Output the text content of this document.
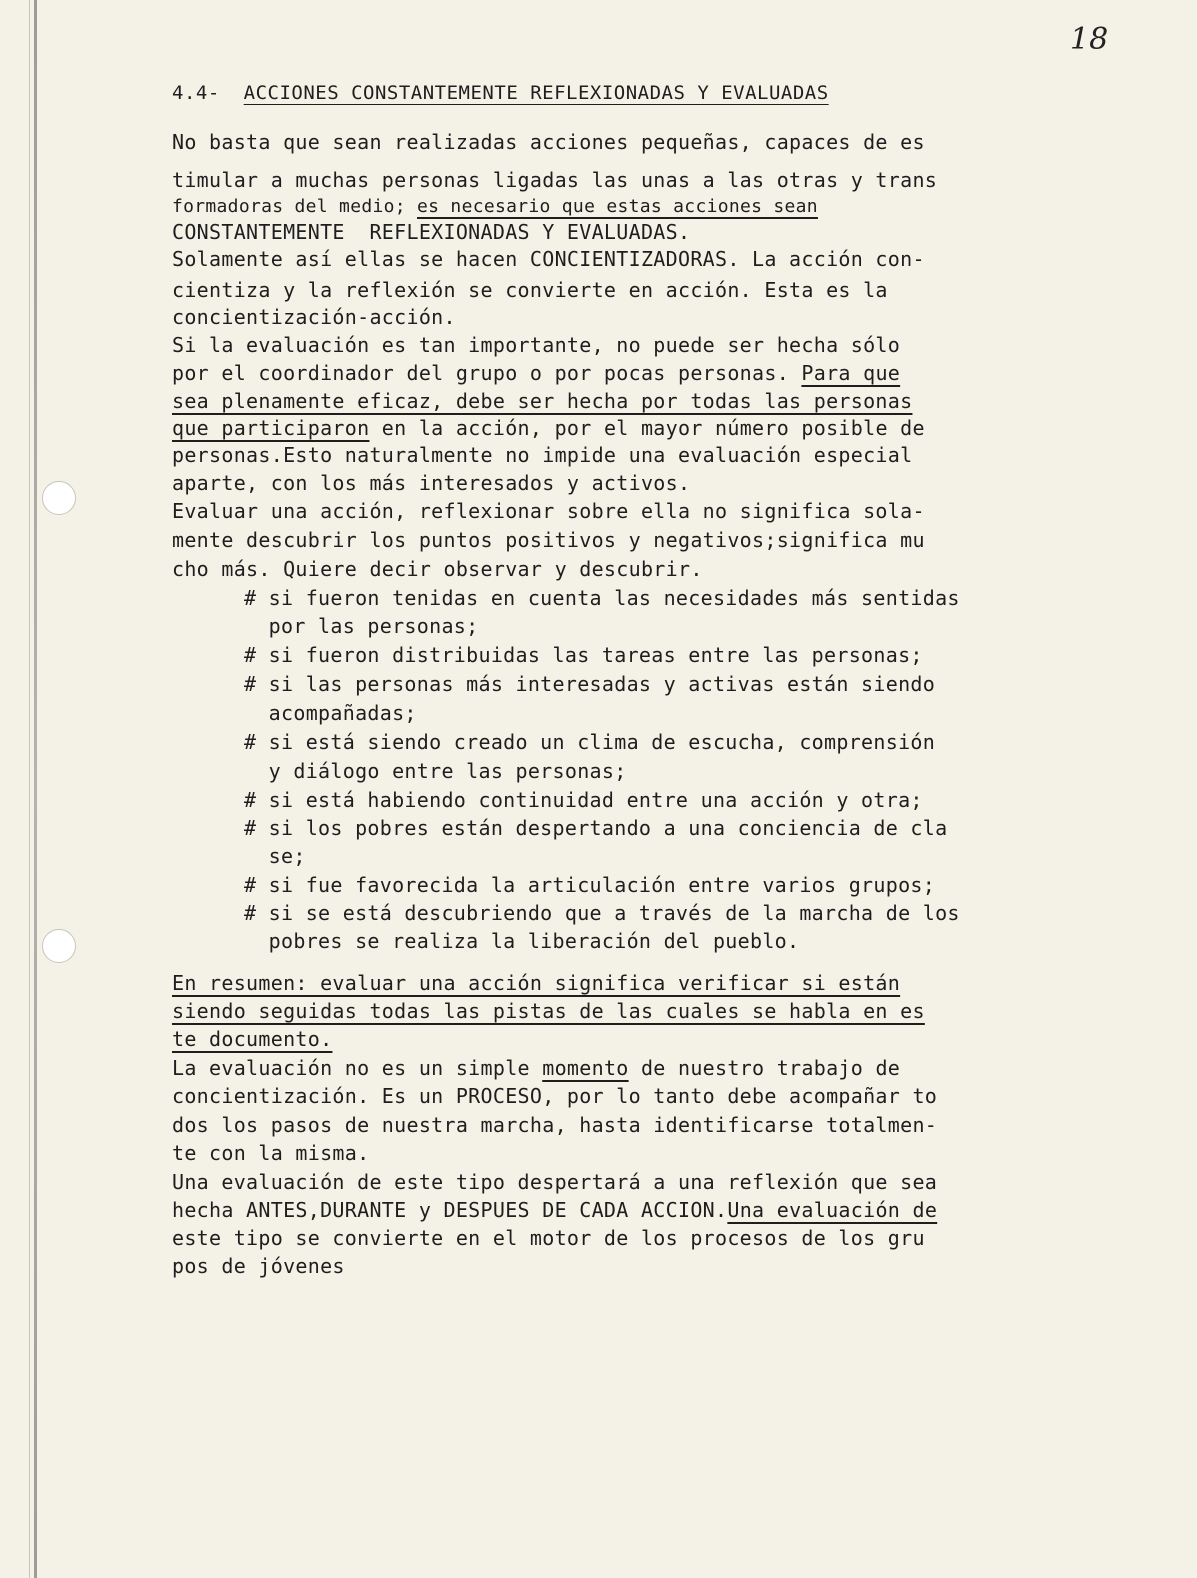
18
4.4- ACCIONES CONSTANTEMENTE REFLEXIONADAS Y EVALUADAS
No basta que sean realizadas acciones pequeñas, capaces de es
timular a muchas personas ligadas las unas a las otras y trans
formadoras del medio; es necesario que estas acciones sean
CONSTANTEMENTE  REFLEXIONADAS Y EVALUADAS.
Solamente así ellas se hacen CONCIENTIZADORAS. La acción con-
cientiza y la reflexión se convierte en acción. Esta es la
concientización-acción.
Si la evaluación es tan importante, no puede ser hecha sólo
por el coordinador del grupo o por pocas personas. Para que
sea plenamente eficaz, debe ser hecha por todas las personas
que participaron en la acción, por el mayor número posible de
personas.Esto naturalmente no impide una evaluación especial
aparte, con los más interesados y activos.
Evaluar una acción, reflexionar sobre ella no significa sola-
mente descubrir los puntos positivos y negativos;significa mu
cho más. Quiere decir observar y descubrir.
# si fueron tenidas en cuenta las necesidades más sentidas
por las personas;
# si fueron distribuidas las tareas entre las personas;
# si las personas más interesadas y activas están siendo
acompañadas;
# si está siendo creado un clima de escucha, comprensión
y diálogo entre las personas;
# si está habiendo continuidad entre una acción y otra;
# si los pobres están despertando a una conciencia de cla
se;
# si fue favorecida la articulación entre varios grupos;
# si se está descubriendo que a través de la marcha de los
pobres se realiza la liberación del pueblo.
En resumen: evaluar una acción significa verificar si están
siendo seguidas todas las pistas de las cuales se habla en es
te documento.
La evaluación no es un simple momento de nuestro trabajo de
concientización. Es un PROCESO, por lo tanto debe acompañar to
dos los pasos de nuestra marcha, hasta identificarse totalmen-
te con la misma.
Una evaluación de este tipo despertará a una reflexión que sea
hecha ANTES,DURANTE y DESPUES DE CADA ACCION.Una evaluación de
este tipo se convierte en el motor de los procesos de los gru
pos de jóvenes
